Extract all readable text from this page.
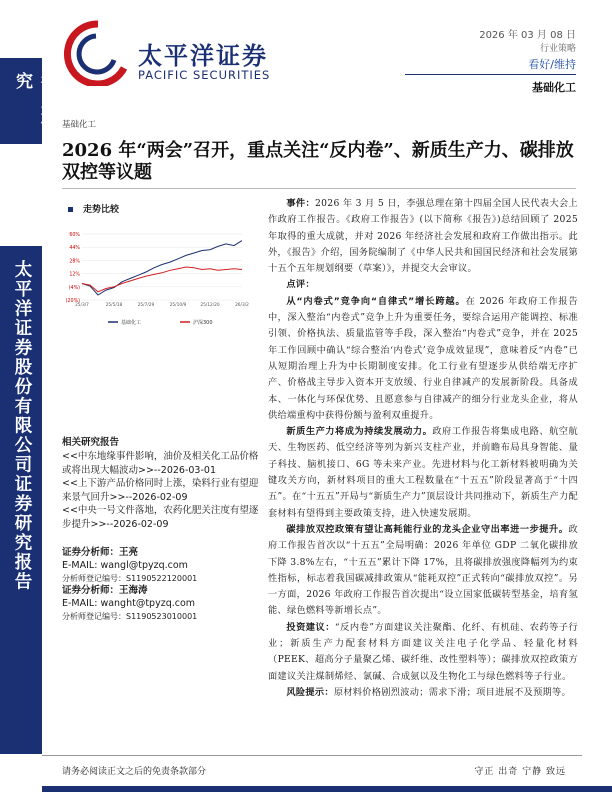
太平洋证券
PACIFIC SECURITIES
2026 年 03 月 08 日
行业策略
看好/维持
基础化工
行业研究
太平洋证券股份有限公司证券研究报告
基础化工
2026 年“两会”召开，重点关注“反内卷”、新质生产力、碳排放双控等议题
走势比较
60%
44%
28%
12%
(4%)
(20%)
25/3/7	25/5/18	25/7/29	25/10/9	25/12/20	26/3/2
基础化工	沪深300
相关研究报告
<<中东地缘事件影响，油价及相关化工品价格或将出现大幅波动>>--2026-03-01
<<上下游产品价格同时上涨，染料行业有望迎来景气回升>>--2026-02-09
<<中央一号文件落地，农药化肥关注度有望逐步提升>>--2026-02-09
证券分析师：王亮
E-MAIL: wangl@tpyzq.com
分析师登记编号：S1190522120001
证券分析师：王海涛
E-MAIL: wanght@tpyzq.com
分析师登记编号：S1190523010001

事件：2026 年 3 月 5 日，李强总理在第十四届全国人民代表大会上作政府工作报告。《政府工作报告》(以下简称《报告》)总结回顾了 2025 年取得的重大成就，并对 2026 年经济社会发展和政府工作做出指示。此外，《报告》介绍，国务院编制了《中华人民共和国国民经济和社会发展第十五个五年规划纲要（草案）》，并提交大会审议。

点评：

从“内卷式”竞争向“自律式”增长跨越。在 2026 年政府工作报告中，深入整治“内卷式”竞争上升为重要任务，要综合运用产能调控、标准引领、价格执法、质量监管等手段，深入整治“内卷式”竞争，并在 2025 年工作回顾中确认“综合整治‘内卷式’竞争成效显现”，意味着反“内卷”已从短期治理上升为中长期制度安排。化工行业有望逐步从供给端无序扩产、价格战主导步入资本开支放缓、行业自律减产的发展新阶段。具备成本、一体化与环保优势、且愿意参与自律减产的细分行业龙头企业，将从供给端重构中获得份额与盈利双重提升。

新质生产力将成为持续发展动力。政府工作报告将集成电路、航空航天、生物医药、低空经济等列为新兴支柱产业，并前瞻布局具身智能、量子科技、脑机接口、6G 等未来产业。先进材料与化工新材料被明确为关键攻关方向，新材料项目的重大工程数量在“十五五”阶段显著高于“十四五”。在“十五五”开局与“新质生产力”顶层设计共同推动下，新质生产力配套材料有望得到主要政策支持，进入快速发展期。

碳排放双控政策有望让高耗能行业的龙头企业守出率进一步提升。政府工作报告首次以“十五五”全局明确：2026 年单位 GDP 二氧化碳排放下降 3.8%左右，“十五五”累计下降 17%，且将碳排放强度降幅列为约束性指标，标志着我国碳减排政策从“能耗双控”正式转向“碳排放双控”。另一方面，2026 年政府工作报告首次提出“设立国家低碳转型基金，培育氢能、绿色燃料等新增长点”。

投资建议：“反内卷”方面建议关注聚酯、化纤、有机硅、农药等子行业；新质生产力配套材料方面建议关注电子化学品、轻量化材料（PEEK、超高分子量聚乙烯、碳纤维、改性塑料等）；碳排放双控政策方面建议关注煤制烯烃、氯碱、合成氨以及生物化工与绿色燃料等子行业。

风险提示：原材料价格剧烈波动；需求下滑；项目进展不及预期等。

请务必阅读正文之后的免责条款部分	守正 出奇 宁静 致远
